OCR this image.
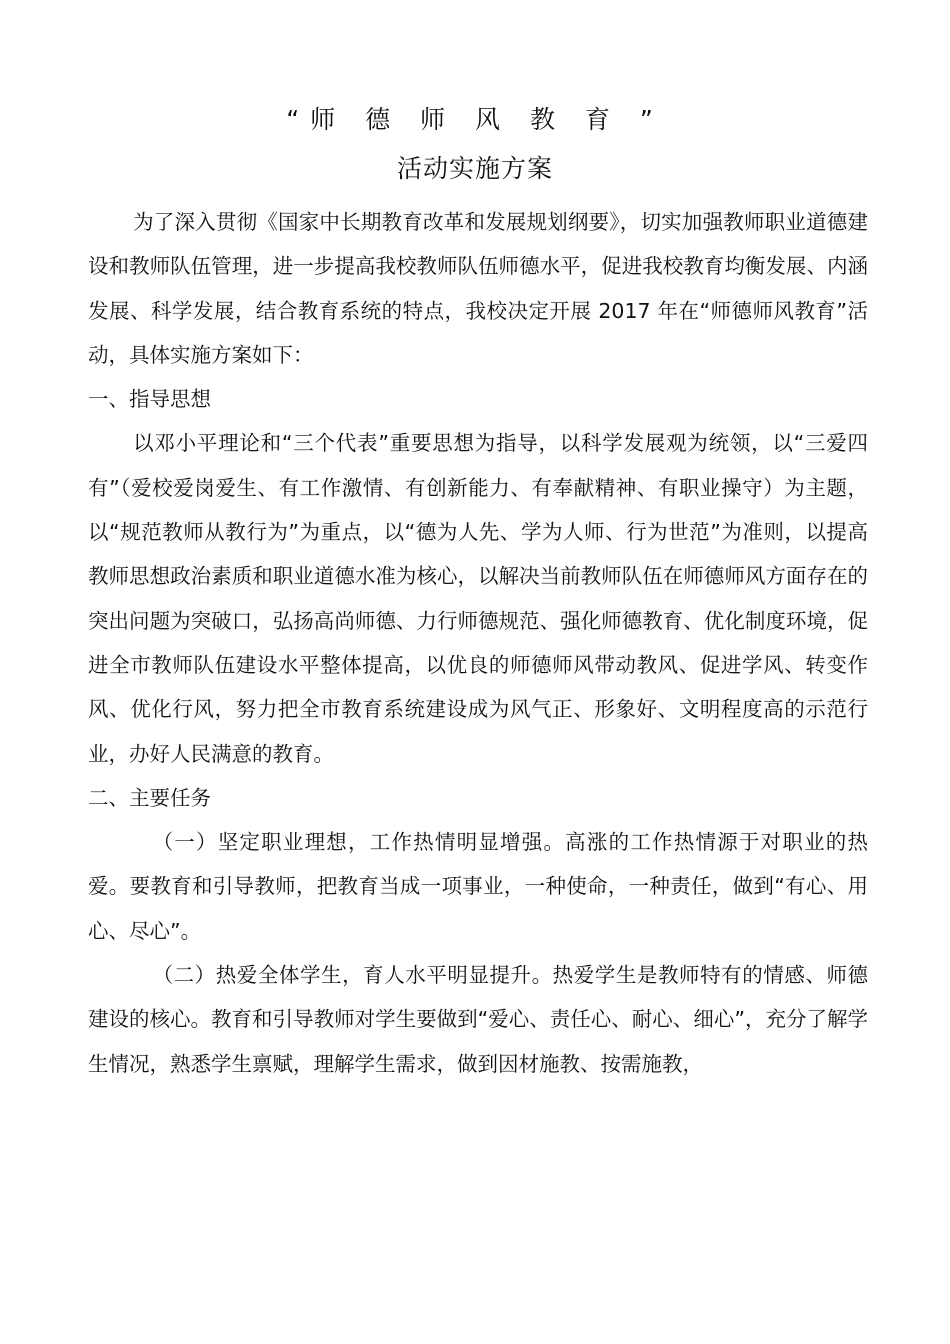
“师 德 师 风 教 育 ”
活动实施方案

为了深入贯彻《国家中长期教育改革和发展规划纲要》，切实加强教师职业道德建设和教师队伍管理，进一步提高我校教师队伍师德水平，促进我校教育均衡发展、内涵发展、科学发展，结合教育系统的特点，我校决定开展 2017 年在“师德师风教育”活动，具体实施方案如下：

一、指导思想

以邓小平理论和“三个代表”重要思想为指导，以科学发展观为统领，以“三爱四有”（爱校爱岗爱生、有工作激情、有创新能力、有奉献精神、有职业操守）为主题，以“规范教师从教行为”为重点，以“德为人先、学为人师、行为世范”为准则，以提高教师思想政治素质和职业道德水准为核心，以解决当前教师队伍在师德师风方面存在的突出问题为突破口，弘扬高尚师德、力行师德规范、强化师德教育、优化制度环境，促进全市教师队伍建设水平整体提高，以优良的师德师风带动教风、促进学风、转变作风、优化行风，努力把全市教育系统建设成为风气正、形象好、文明程度高的示范行业，办好人民满意的教育。

二、主要任务

（一）坚定职业理想，工作热情明显增强。高涨的工作热情源于对职业的热爱。要教育和引导教师，把教育当成一项事业，一种使命，一种责任，做到“有心、用心、尽心”。

（二）热爱全体学生，育人水平明显提升。热爱学生是教师特有的情感、师德建设的核心。教育和引导教师对学生要做到“爱心、责任心、耐心、细心”，充分了解学生情况，熟悉学生禀赋，理解学生需求，做到因材施教、按需施教，
